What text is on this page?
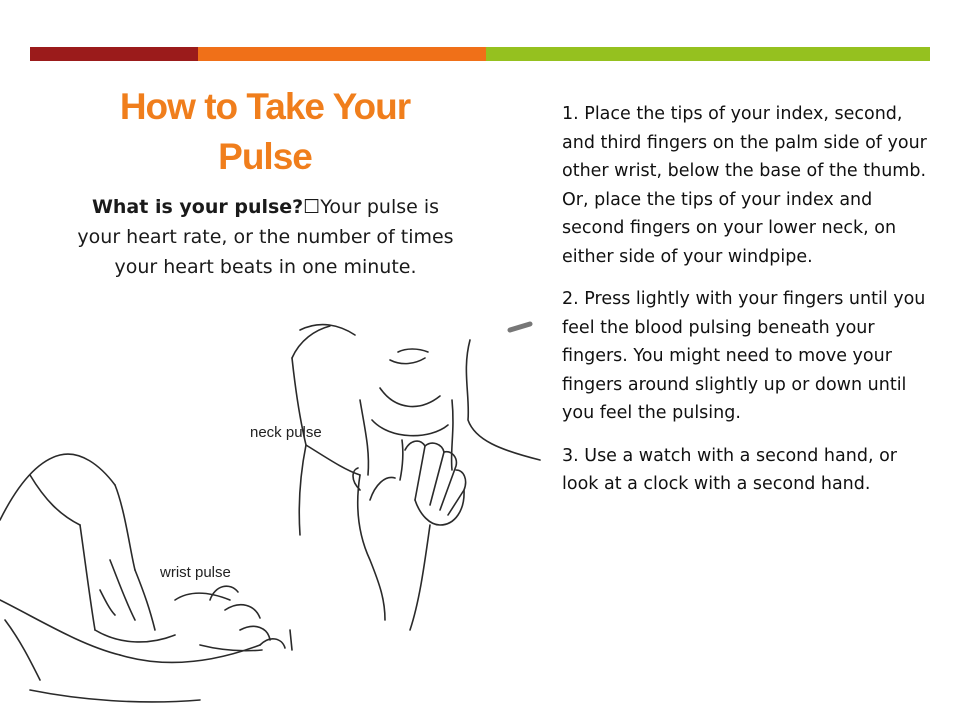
How to Take Your
Pulse
What is your pulse?☐Your pulse is your heart rate, or the number of times your heart beats in one minute.

1. Place the tips of your index, second, and third fingers on the palm side of your other wrist, below the base of the thumb. Or, place the tips of your index and second fingers on your lower neck, on either side of your windpipe.

2. Press lightly with your fingers until you feel the blood pulsing beneath your fingers. You might need to move your fingers around slightly up or down until you feel the pulsing.

3. Use a watch with a second hand, or look at a clock with a second hand.

neck pulse
wrist pulse
